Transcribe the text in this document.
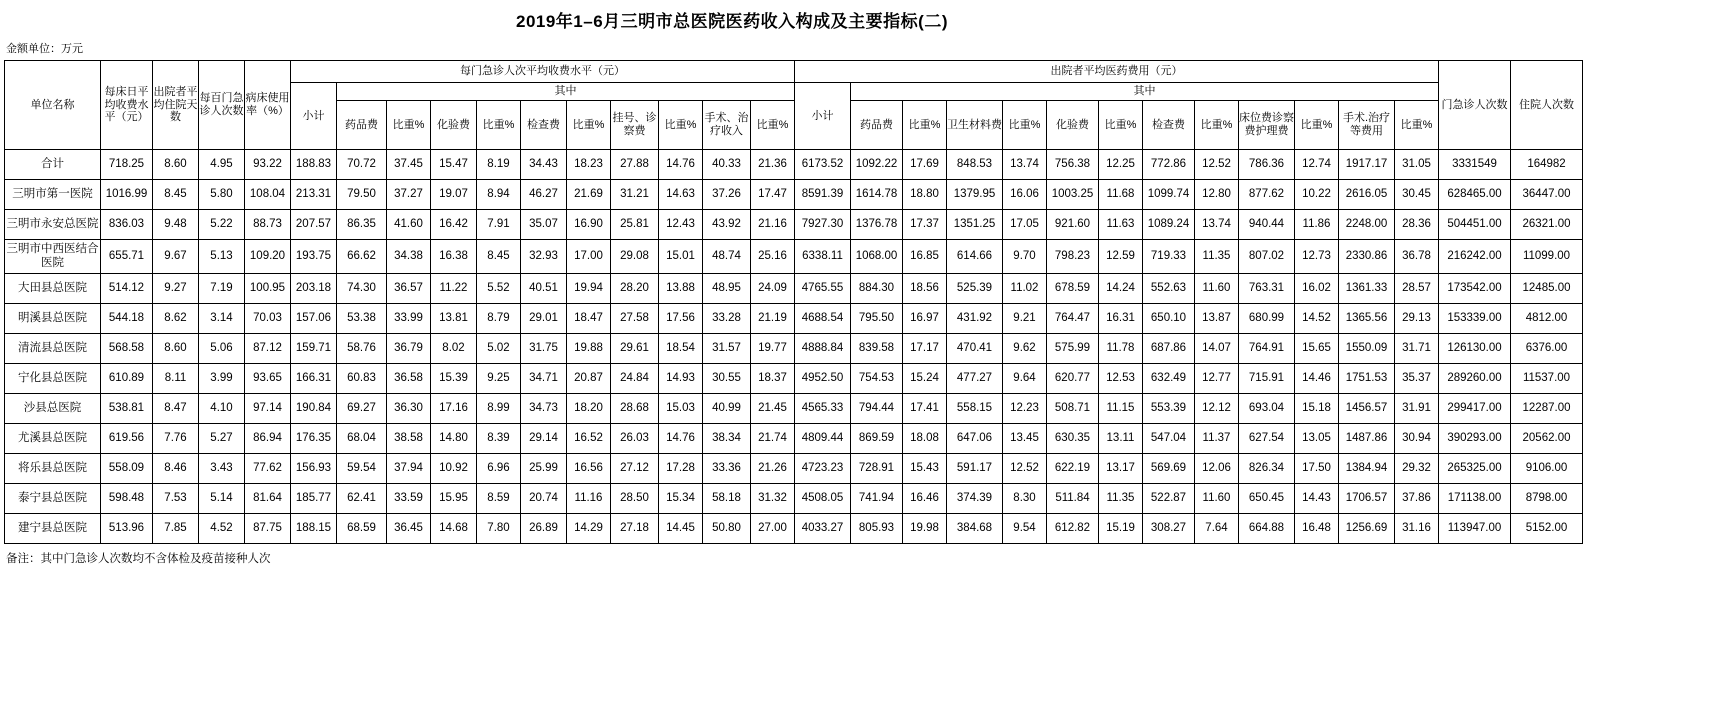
2019年1–6月三明市总医院医药收入构成及主要指标(二)
金额单位：万元
单位名称	每床日平均收费水平（元）	出院者平均住院天数	每百门急诊人次数	病床使用率（%）	每门急诊人次平均收费水平（元）											出院者平均医药费用（元）													门急诊人次数	住院人次数
					小计	其中										小计	其中													
						药品费	比重%	化验费	比重%	检查费	比重%	挂号、诊察费	比重%	手术、治疗收入	比重%		药品费	比重%	卫生材料费	比重%	化验费	比重%	检查费	比重%	床位费诊察费护理费	比重%	手术.治疗等费用	比重%		

合计	718.25	8.60	4.95	93.22	188.83	70.72	37.45	15.47	8.19	34.43	18.23	27.88	14.76	40.33	21.36	6173.52	1092.22	17.69	848.53	13.74	756.38	12.25	772.86	12.52	786.36	12.74	1917.17	31.05	3331549	164982
三明市第一医院	1016.99	8.45	5.80	108.04	213.31	79.50	37.27	19.07	8.94	46.27	21.69	31.21	14.63	37.26	17.47	8591.39	1614.78	18.80	1379.95	16.06	1003.25	11.68	1099.74	12.80	877.62	10.22	2616.05	30.45	628465.00	36447.00
三明市永安总医院	836.03	9.48	5.22	88.73	207.57	86.35	41.60	16.42	7.91	35.07	16.90	25.81	12.43	43.92	21.16	7927.30	1376.78	17.37	1351.25	17.05	921.60	11.63	1089.24	13.74	940.44	11.86	2248.00	28.36	504451.00	26321.00
三明市中西医结合医院	655.71	9.67	5.13	109.20	193.75	66.62	34.38	16.38	8.45	32.93	17.00	29.08	15.01	48.74	25.16	6338.11	1068.00	16.85	614.66	9.70	798.23	12.59	719.33	11.35	807.02	12.73	2330.86	36.78	216242.00	11099.00
大田县总医院	514.12	9.27	7.19	100.95	203.18	74.30	36.57	11.22	5.52	40.51	19.94	28.20	13.88	48.95	24.09	4765.55	884.30	18.56	525.39	11.02	678.59	14.24	552.63	11.60	763.31	16.02	1361.33	28.57	173542.00	12485.00
明溪县总医院	544.18	8.62	3.14	70.03	157.06	53.38	33.99	13.81	8.79	29.01	18.47	27.58	17.56	33.28	21.19	4688.54	795.50	16.97	431.92	9.21	764.47	16.31	650.10	13.87	680.99	14.52	1365.56	29.13	153339.00	4812.00
清流县总医院	568.58	8.60	5.06	87.12	159.71	58.76	36.79	8.02	5.02	31.75	19.88	29.61	18.54	31.57	19.77	4888.84	839.58	17.17	470.41	9.62	575.99	11.78	687.86	14.07	764.91	15.65	1550.09	31.71	126130.00	6376.00
宁化县总医院	610.89	8.11	3.99	93.65	166.31	60.83	36.58	15.39	9.25	34.71	20.87	24.84	14.93	30.55	18.37	4952.50	754.53	15.24	477.27	9.64	620.77	12.53	632.49	12.77	715.91	14.46	1751.53	35.37	289260.00	11537.00
沙县总医院	538.81	8.47	4.10	97.14	190.84	69.27	36.30	17.16	8.99	34.73	18.20	28.68	15.03	40.99	21.45	4565.33	794.44	17.41	558.15	12.23	508.71	11.15	553.39	12.12	693.04	15.18	1456.57	31.91	299417.00	12287.00
尤溪县总医院	619.56	7.76	5.27	86.94	176.35	68.04	38.58	14.80	8.39	29.14	16.52	26.03	14.76	38.34	21.74	4809.44	869.59	18.08	647.06	13.45	630.35	13.11	547.04	11.37	627.54	13.05	1487.86	30.94	390293.00	20562.00
将乐县总医院	558.09	8.46	3.43	77.62	156.93	59.54	37.94	10.92	6.96	25.99	16.56	27.12	17.28	33.36	21.26	4723.23	728.91	15.43	591.17	12.52	622.19	13.17	569.69	12.06	826.34	17.50	1384.94	29.32	265325.00	9106.00
泰宁县总医院	598.48	7.53	5.14	81.64	185.77	62.41	33.59	15.95	8.59	20.74	11.16	28.50	15.34	58.18	31.32	4508.05	741.94	16.46	374.39	8.30	511.84	11.35	522.87	11.60	650.45	14.43	1706.57	37.86	171138.00	8798.00
建宁县总医院	513.96	7.85	4.52	87.75	188.15	68.59	36.45	14.68	7.80	26.89	14.29	27.18	14.45	50.80	27.00	4033.27	805.93	19.98	384.68	9.54	612.82	15.19	308.27	7.64	664.88	16.48	1256.69	31.16	113947.00	5152.00
备注：其中门急诊人次数均不含体检及疫苗接种人次
